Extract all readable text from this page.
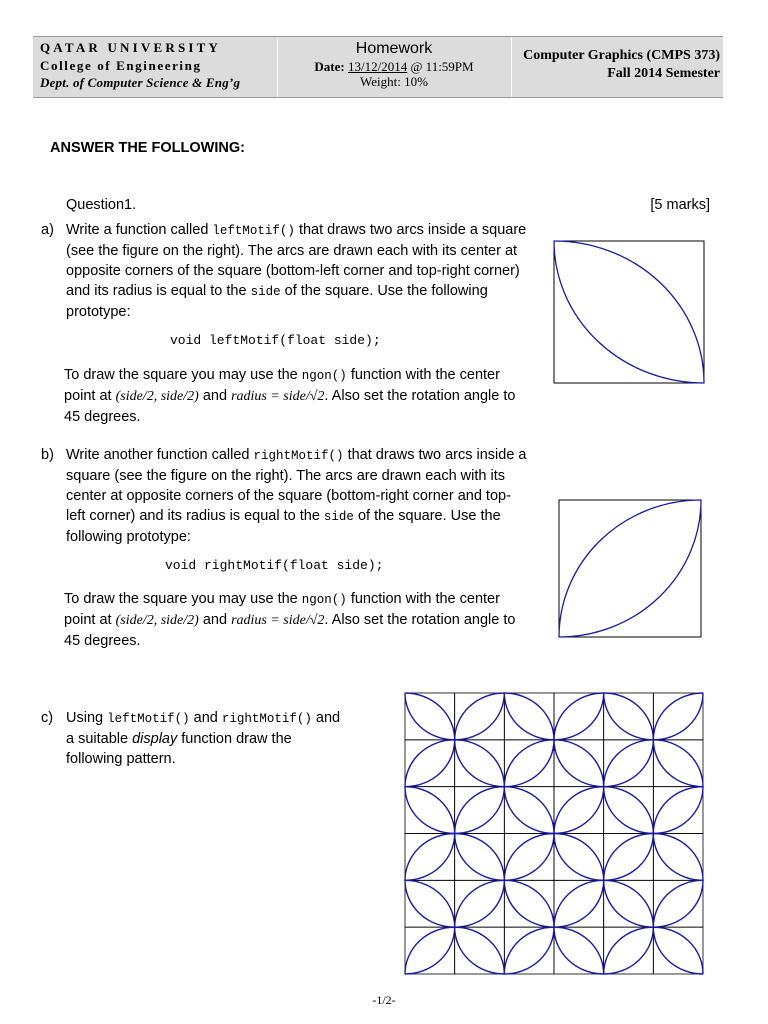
QATAR UNIVERSITY
College of Engineering
Dept. of Computer Science & Eng’g
Homework
Date: 13/12/2014 @ 11:59PM
Weight: 10%
Computer Graphics (CMPS 373)
Fall 2014 Semester
ANSWER THE FOLLOWING:
Question1.	[5 marks]
a) Write a function called leftMotif() that draws two arcs inside a square (see the figure on the right). The arcs are drawn each with its center at opposite corners of the square (bottom-left corner and top-right corner) and its radius is equal to the side of the square. Use the following prototype:
void leftMotif(float side);
To draw the square you may use the ngon() function with the center point at (side/2, side/2) and radius = side/√2. Also set the rotation angle to 45 degrees.
b) Write another function called rightMotif() that draws two arcs inside a square (see the figure on the right). The arcs are drawn each with its center at opposite corners of the square (bottom-right corner and top-left corner) and its radius is equal to the side of the square. Use the following prototype:
void rightMotif(float side);
To draw the square you may use the ngon() function with the center point at (side/2, side/2) and radius = side/√2. Also set the rotation angle to 45 degrees.
c) Using leftMotif() and rightMotif() and a suitable display function draw the following pattern.
-1/2-
